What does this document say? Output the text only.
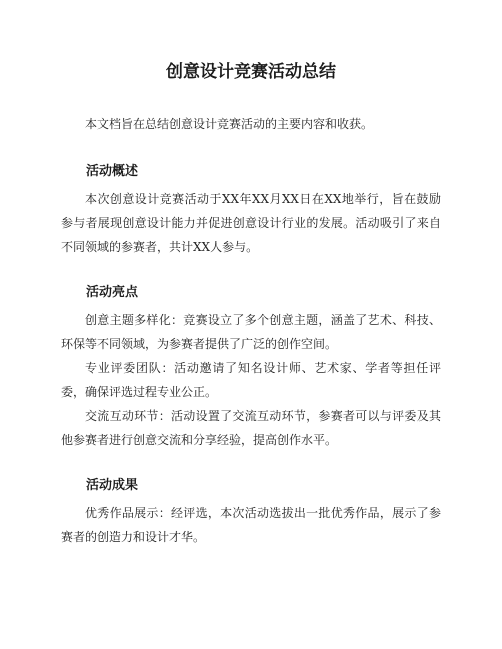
创意设计竞赛活动总结

本文档旨在总结创意设计竞赛活动的主要内容和收获。

活动概述

本次创意设计竞赛活动于XX年XX月XX日在XX地举行，旨在鼓励参与者展现创意设计能力并促进创意设计行业的发展。活动吸引了来自不同领域的参赛者，共计XX人参与。

活动亮点

创意主题多样化：竞赛设立了多个创意主题，涵盖了艺术、科技、环保等不同领域，为参赛者提供了广泛的创作空间。

专业评委团队：活动邀请了知名设计师、艺术家、学者等担任评委，确保评选过程专业公正。

交流互动环节：活动设置了交流互动环节，参赛者可以与评委及其他参赛者进行创意交流和分享经验，提高创作水平。

活动成果

优秀作品展示：经评选，本次活动选拔出一批优秀作品，展示了参赛者的创造力和设计才华。
